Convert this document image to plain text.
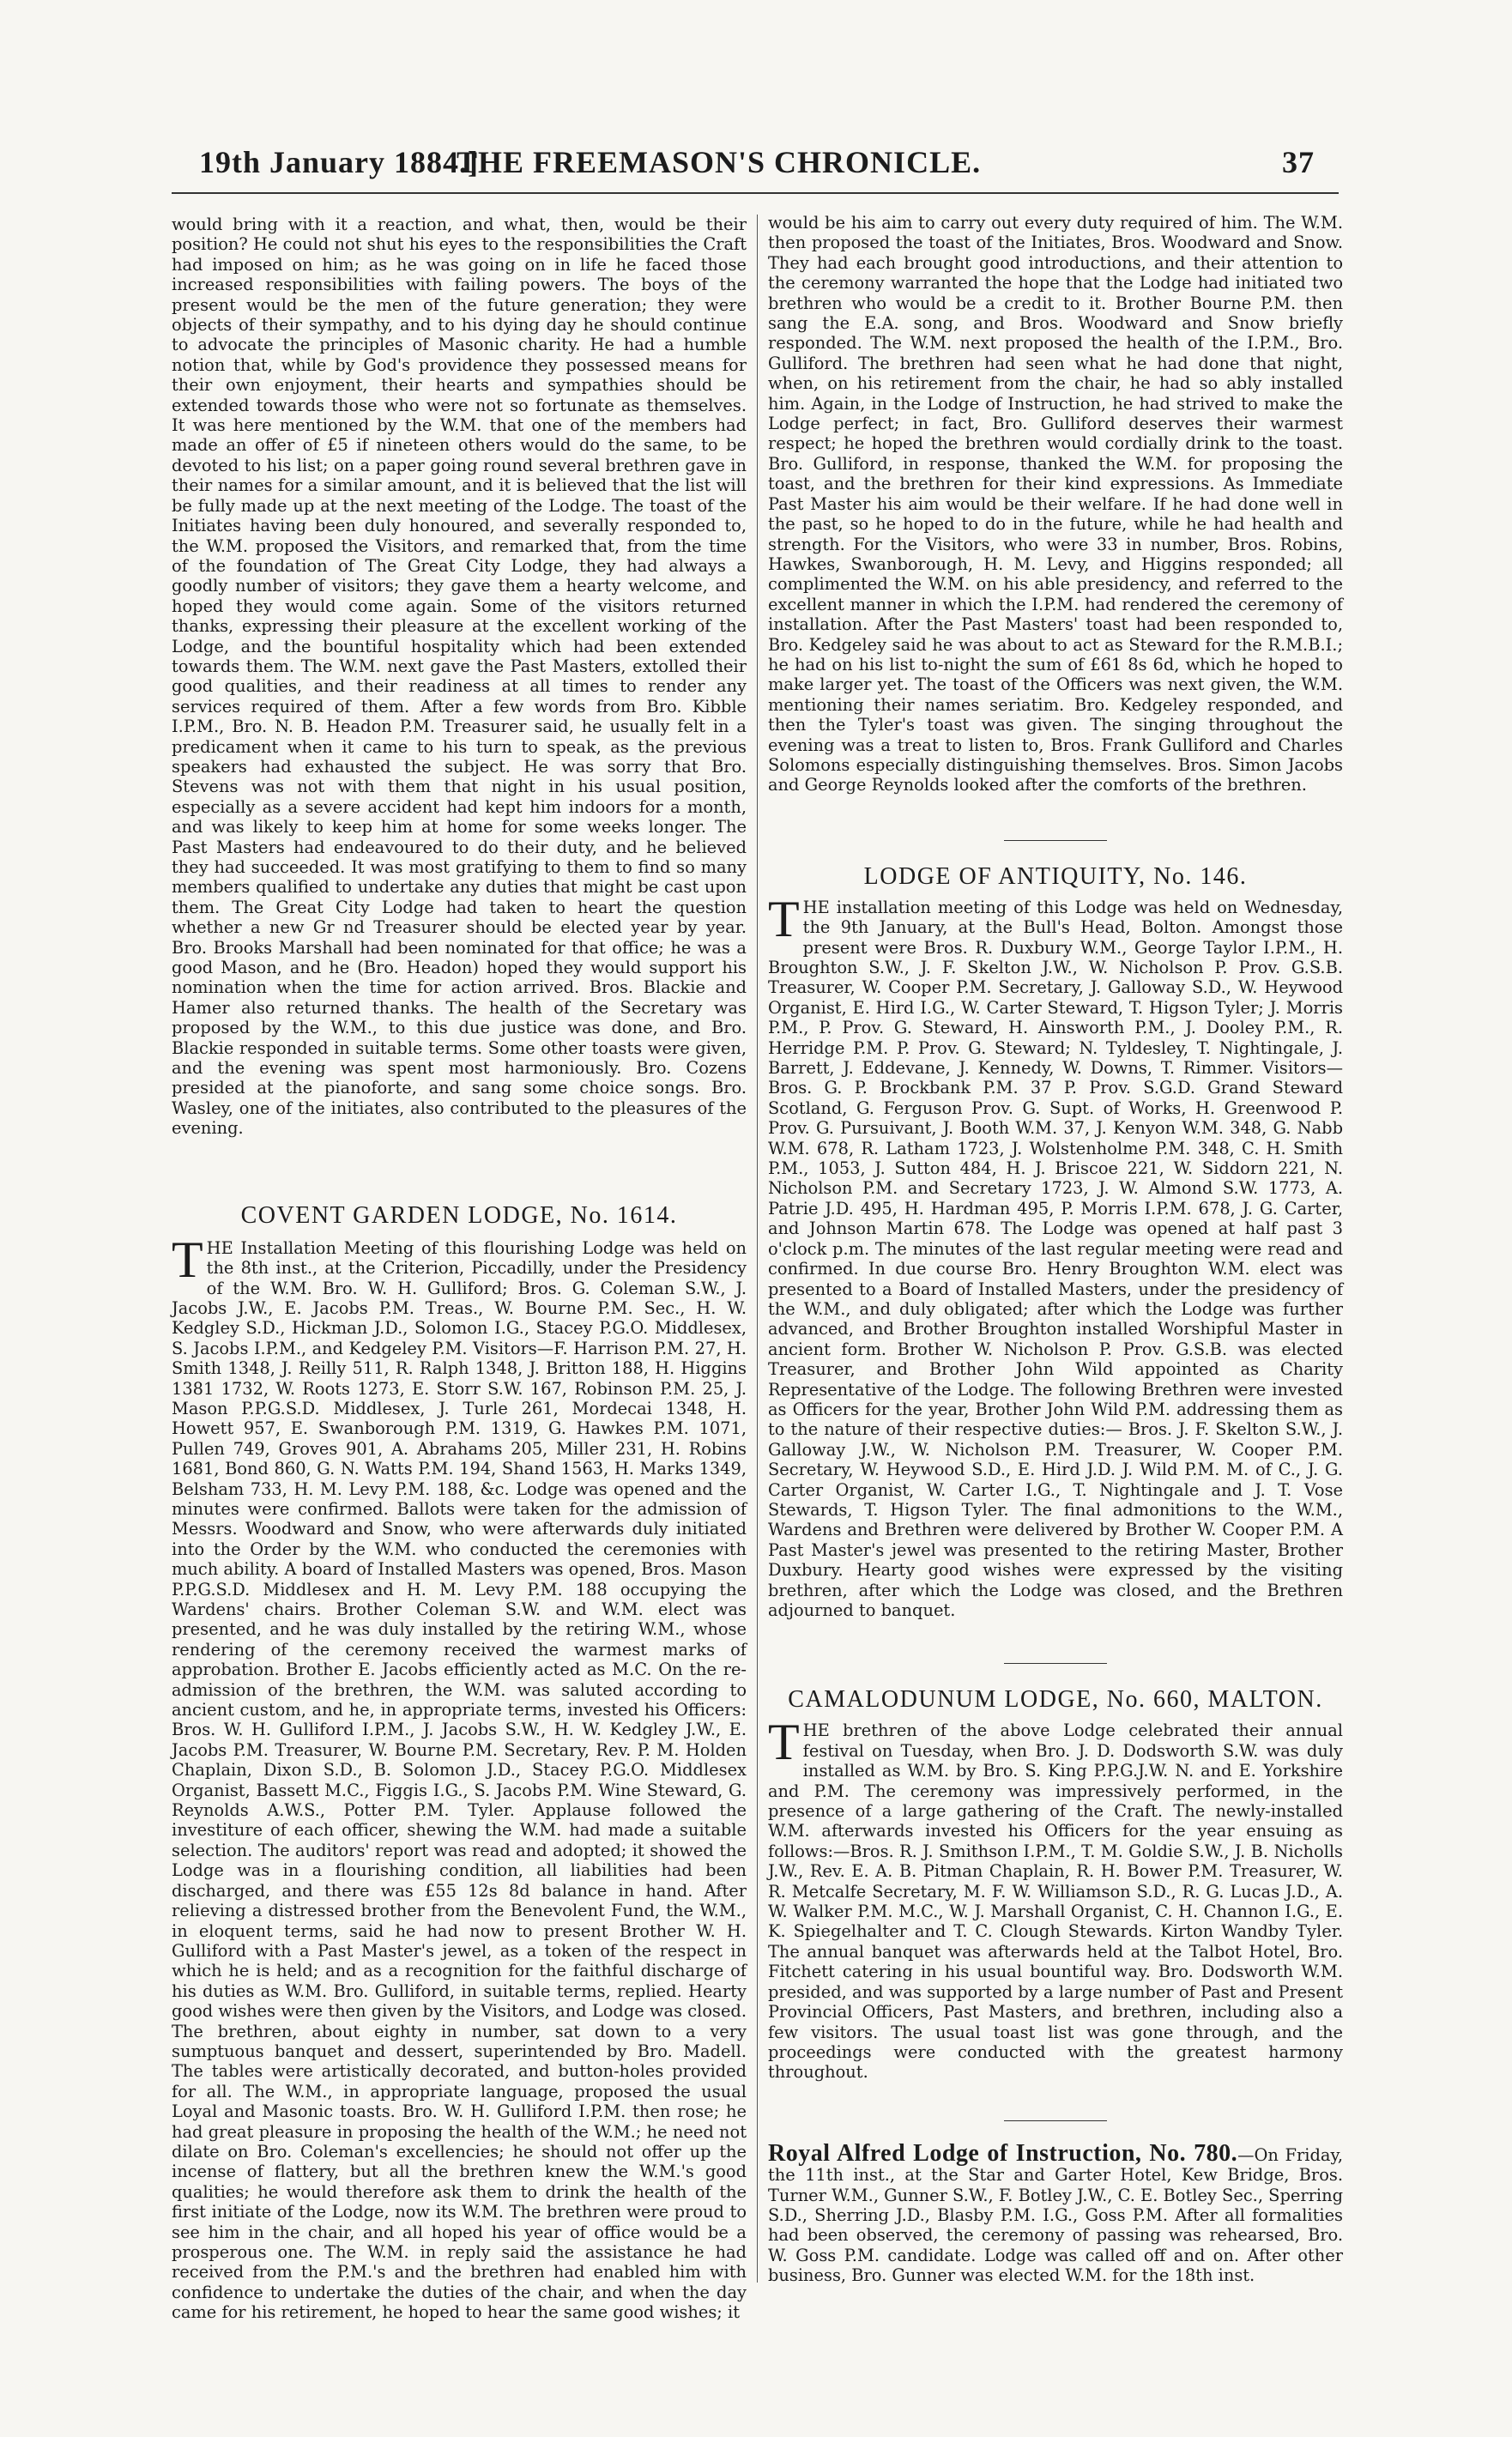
19th January 1884.]
THE FREEMASON'S CHRONICLE.	37

would bring with it a reaction, and what, then, would be their position? He could not shut his eyes to the responsibilities the Craft had imposed on him; as he was going on in life he faced those increased responsibilities with failing powers. The boys of the present would be the men of the future generation; they were objects of their sympathy, and to his dying day he should continue to advocate the principles of Masonic charity. He had a humble notion that, while by God's providence they possessed means for their own enjoyment, their hearts and sympathies should be extended towards those who were not so fortunate as themselves. It was here mentioned by the W.M. that one of the members had made an offer of £5 if nineteen others would do the same, to be devoted to his list; on a paper going round several brethren gave in their names for a similar amount, and it is believed that the list will be fully made up at the next meeting of the Lodge. The toast of the Initiates having been duly honoured, and severally responded to, the W.M. proposed the Visitors, and remarked that, from the time of the foundation of The Great City Lodge, they had always a goodly number of visitors; they gave them a hearty welcome, and hoped they would come again. Some of the visitors returned thanks, expressing their pleasure at the excellent working of the Lodge, and the bountiful hospitality which had been extended towards them. The W.M. next gave the Past Masters, extolled their good qualities, and their readiness at all times to render any services required of them. After a few words from Bro. Kibble I.P.M., Bro. N. B. Headon P.M. Treasurer said, he usually felt in a predicament when it came to his turn to speak, as the previous speakers had exhausted the subject. He was sorry that Bro. Stevens was not with them that night in his usual position, especially as a severe accident had kept him indoors for a month, and was likely to keep him at home for some weeks longer. The Past Masters had endeavoured to do their duty, and he believed they had succeeded. It was most gratifying to them to find so many members qualified to undertake any duties that might be cast upon them. The Great City Lodge had taken to heart the question whether a new Gr nd Treasurer should be elected year by year. Bro. Brooks Marshall had been nominated for that office; he was a good Mason, and he (Bro. Headon) hoped they would support his nomination when the time for action arrived. Bros. Blackie and Hamer also returned thanks. The health of the Secretary was proposed by the W.M., to this due justice was done, and Bro. Blackie responded in suitable terms. Some other toasts were given, and the evening was spent most harmoniously. Bro. Cozens presided at the pianoforte, and sang some choice songs. Bro. Wasley, one of the initiates, also contributed to the pleasures of the evening.

COVENT GARDEN LODGE, No. 1614.

THE Installation Meeting of this flourishing Lodge was held on the 8th inst., at the Criterion, Piccadilly, under the Presidency of the W.M. Bro. W. H. Gulliford; Bros. G. Coleman S.W., J. Jacobs J.W., E. Jacobs P.M. Treas., W. Bourne P.M. Sec., H. W. Kedgley S.D., Hickman J.D., Solomon I.G., Stacey P.G.O. Middlesex, S. Jacobs I.P.M., and Kedgeley P.M. Visitors—F. Harrison P.M. 27, H. Smith 1348, J. Reilly 511, R. Ralph 1348, J. Britton 188, H. Higgins 1381 1732, W. Roots 1273, E. Storr S.W. 167, Robinson P.M. 25, J. Mason P.P.G.S.D. Middlesex, J. Turle 261, Mordecai 1348, H. Howett 957, E. Swanborough P.M. 1319, G. Hawkes P.M. 1071, Pullen 749, Groves 901, A. Abrahams 205, Miller 231, H. Robins 1681, Bond 860, G. N. Watts P.M. 194, Shand 1563, H. Marks 1349, Belsham 733, H. M. Levy P.M. 188, &c. Lodge was opened and the minutes were confirmed. Ballots were taken for the admission of Messrs. Woodward and Snow, who were afterwards duly initiated into the Order by the W.M. who conducted the ceremonies with much ability. A board of Installed Masters was opened, Bros. Mason P.P.G.S.D. Middlesex and H. M. Levy P.M. 188 occupying the Wardens' chairs. Brother Coleman S.W. and W.M. elect was presented, and he was duly installed by the retiring W.M., whose rendering of the ceremony received the warmest marks of approbation. Brother E. Jacobs efficiently acted as M.C. On the re-admission of the brethren, the W.M. was saluted according to ancient custom, and he, in appropriate terms, invested his Officers: Bros. W. H. Gulliford I.P.M., J. Jacobs S.W., H. W. Kedgley J.W., E. Jacobs P.M. Treasurer, W. Bourne P.M. Secretary, Rev. P. M. Holden Chaplain, Dixon S.D., B. Solomon J.D., Stacey P.G.O. Middlesex Organist, Bassett M.C., Figgis I.G., S. Jacobs P.M. Wine Steward, G. Reynolds A.W.S., Potter P.M. Tyler. Applause followed the investiture of each officer, shewing the W.M. had made a suitable selection. The auditors' report was read and adopted; it showed the Lodge was in a flourishing condition, all liabilities had been discharged, and there was £55 12s 8d balance in hand. After relieving a distressed brother from the Benevolent Fund, the W.M., in eloquent terms, said he had now to present Brother W. H. Gulliford with a Past Master's jewel, as a token of the respect in which he is held; and as a recognition for the faithful discharge of his duties as W.M. Bro. Gulliford, in suitable terms, replied. Hearty good wishes were then given by the Visitors, and Lodge was closed. The brethren, about eighty in number, sat down to a very sumptuous banquet and dessert, superintended by Bro. Madell. The tables were artistically decorated, and button-holes provided for all. The W.M., in appropriate language, proposed the usual Loyal and Masonic toasts. Bro. W. H. Gulliford I.P.M. then rose; he had great pleasure in proposing the health of the W.M.; he need not dilate on Bro. Coleman's excellencies; he should not offer up the incense of flattery, but all the brethren knew the W.M.'s good qualities; he would therefore ask them to drink the health of the first initiate of the Lodge, now its W.M. The brethren were proud to see him in the chair, and all hoped his year of office would be a prosperous one. The W.M. in reply said the assistance he had received from the P.M.'s and the brethren had enabled him with confidence to undertake the duties of the chair, and when the day came for his retirement, he hoped to hear the same good wishes; it

would be his aim to carry out every duty required of him. The W.M. then proposed the toast of the Initiates, Bros. Woodward and Snow. They had each brought good introductions, and their attention to the ceremony warranted the hope that the Lodge had initiated two brethren who would be a credit to it. Brother Bourne P.M. then sang the E.A. song, and Bros. Woodward and Snow briefly responded. The W.M. next proposed the health of the I.P.M., Bro. Gulliford. The brethren had seen what he had done that night, when, on his retirement from the chair, he had so ably installed him. Again, in the Lodge of Instruction, he had strived to make the Lodge perfect; in fact, Bro. Gulliford deserves their warmest respect; he hoped the brethren would cordially drink to the toast. Bro. Gulliford, in response, thanked the W.M. for proposing the toast, and the brethren for their kind expressions. As Immediate Past Master his aim would be their welfare. If he had done well in the past, so he hoped to do in the future, while he had health and strength. For the Visitors, who were 33 in number, Bros. Robins, Hawkes, Swanborough, H. M. Levy, and Higgins responded; all complimented the W.M. on his able presidency, and referred to the excellent manner in which the I.P.M. had rendered the ceremony of installation. After the Past Masters' toast had been responded to, Bro. Kedgeley said he was about to act as Steward for the R.M.B.I.; he had on his list to-night the sum of £61 8s 6d, which he hoped to make larger yet. The toast of the Officers was next given, the W.M. mentioning their names seriatim. Bro. Kedgeley responded, and then the Tyler's toast was given. The singing throughout the evening was a treat to listen to, Bros. Frank Gulliford and Charles Solomons especially distinguishing themselves. Bros. Simon Jacobs and George Reynolds looked after the comforts of the brethren.

LODGE OF ANTIQUITY, No. 146.

THE installation meeting of this Lodge was held on Wednesday, the 9th January, at the Bull's Head, Bolton. Amongst those present were Bros. R. Duxbury W.M., George Taylor I.P.M., H. Broughton S.W., J. F. Skelton J.W., W. Nicholson P. Prov. G.S.B. Treasurer, W. Cooper P.M. Secretary, J. Galloway S.D., W. Heywood Organist, E. Hird I.G., W. Carter Steward, T. Higson Tyler; J. Morris P.M., P. Prov. G. Steward, H. Ainsworth P.M., J. Dooley P.M., R. Herridge P.M. P. Prov. G. Steward; N. Tyldesley, T. Nightingale, J. Barrett, J. Eddevane, J. Kennedy, W. Downs, T. Rimmer. Visitors—Bros. G. P. Brockbank P.M. 37 P. Prov. S.G.D. Grand Steward Scotland, G. Ferguson Prov. G. Supt. of Works, H. Greenwood P. Prov. G. Pursuivant, J. Booth W.M. 37, J. Kenyon W.M. 348, G. Nabb W.M. 678, R. Latham 1723, J. Wolstenholme P.M. 348, C. H. Smith P.M., 1053, J. Sutton 484, H. J. Briscoe 221, W. Siddorn 221, N. Nicholson P.M. and Secretary 1723, J. W. Almond S.W. 1773, A. Patrie J.D. 495, H. Hardman 495, P. Morris I.P.M. 678, J. G. Carter, and Johnson Martin 678. The Lodge was opened at half past 3 o'clock p.m. The minutes of the last regular meeting were read and confirmed. In due course Bro. Henry Broughton W.M. elect was presented to a Board of Installed Masters, under the presidency of the W.M., and duly obligated; after which the Lodge was further advanced, and Brother Broughton installed Worshipful Master in ancient form. Brother W. Nicholson P. Prov. G.S.B. was elected Treasurer, and Brother John Wild appointed as Charity Representative of the Lodge. The following Brethren were invested as Officers for the year, Brother John Wild P.M. addressing them as to the nature of their respective duties:— Bros. J. F. Skelton S.W., J. Galloway J.W., W. Nicholson P.M. Treasurer, W. Cooper P.M. Secretary, W. Heywood S.D., E. Hird J.D. J. Wild P.M. M. of C., J. G. Carter Organist, W. Carter I.G., T. Nightingale and J. T. Vose Stewards, T. Higson Tyler. The final admonitions to the W.M., Wardens and Brethren were delivered by Brother W. Cooper P.M. A Past Master's jewel was presented to the retiring Master, Brother Duxbury. Hearty good wishes were expressed by the visiting brethren, after which the Lodge was closed, and the Brethren adjourned to banquet.

CAMALODUNUM LODGE, No. 660, MALTON.

THE brethren of the above Lodge celebrated their annual festival on Tuesday, when Bro. J. D. Dodsworth S.W. was duly installed as W.M. by Bro. S. King P.P.G.J.W. N. and E. Yorkshire and P.M. The ceremony was impressively performed, in the presence of a large gathering of the Craft. The newly-installed W.M. afterwards invested his Officers for the year ensuing as follows:—Bros. R. J. Smithson I.P.M., T. M. Goldie S.W., J. B. Nicholls J.W., Rev. E. A. B. Pitman Chaplain, R. H. Bower P.M. Treasurer, W. R. Metcalfe Secretary, M. F. W. Williamson S.D., R. G. Lucas J.D., A. W. Walker P.M. M.C., W. J. Marshall Organist, C. H. Channon I.G., E. K. Spiegelhalter and T. C. Clough Stewards. Kirton Wandby Tyler. The annual banquet was afterwards held at the Talbot Hotel, Bro. Fitchett catering in his usual bountiful way. Bro. Dodsworth W.M. presided, and was supported by a large number of Past and Present Provincial Officers, Past Masters, and brethren, including also a few visitors. The usual toast list was gone through, and the proceedings were conducted with the greatest harmony throughout.

Royal Alfred Lodge of Instruction, No. 780.—On Friday, the 11th inst., at the Star and Garter Hotel, Kew Bridge, Bros. Turner W.M., Gunner S.W., F. Botley J.W., C. E. Botley Sec., Sperring S.D., Sherring J.D., Blasby P.M. I.G., Goss P.M. After all formalities had been observed, the ceremony of passing was rehearsed, Bro. W. Goss P.M. candidate. Lodge was called off and on. After other business, Bro. Gunner was elected W.M. for the 18th inst.
